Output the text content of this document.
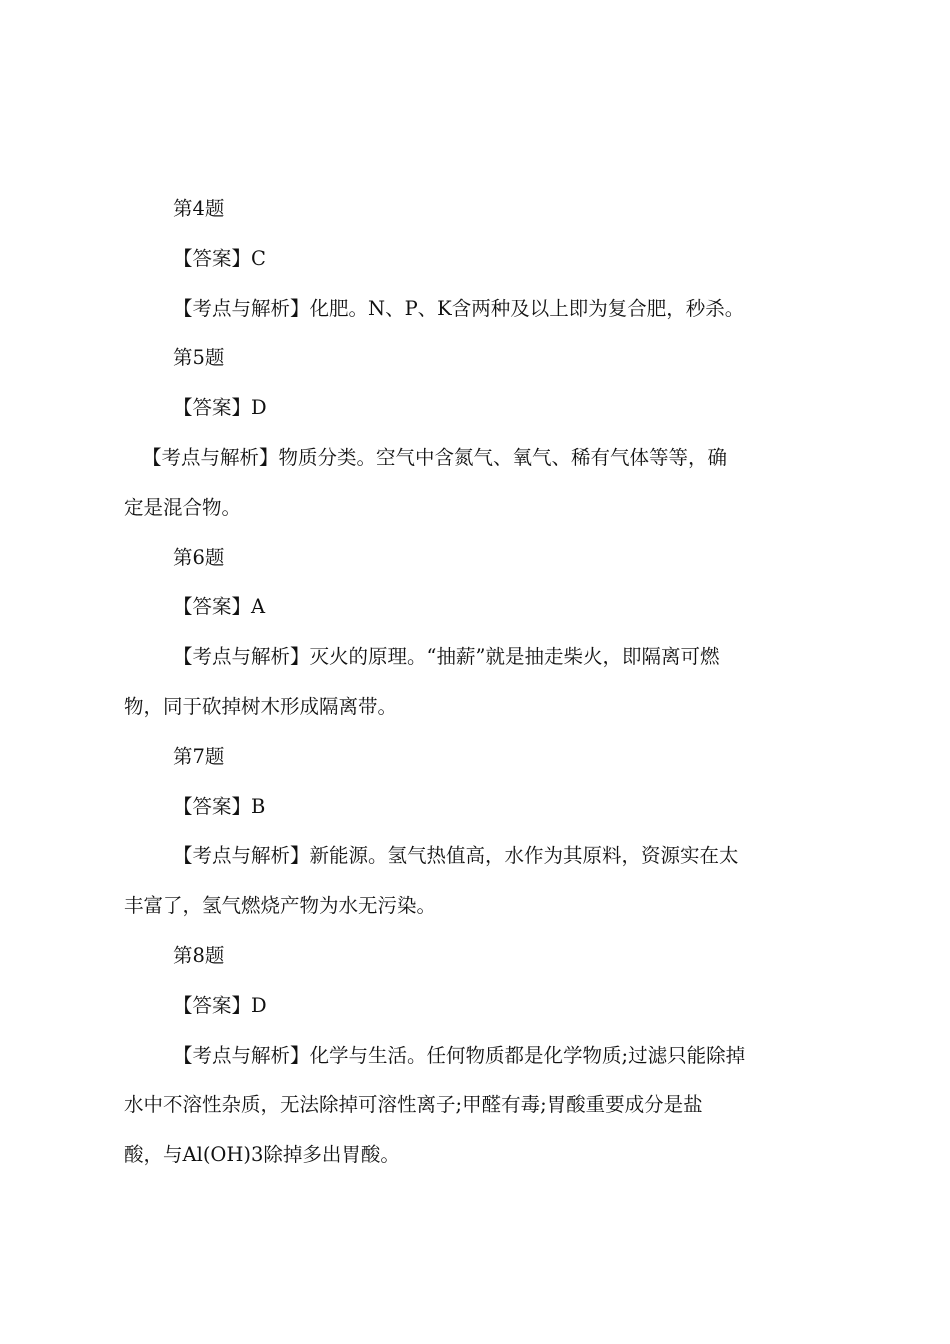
第4题

【答案】C

【考点与解析】化肥。N、P、K含两种及以上即为复合肥，秒杀。

第5题

【答案】D

【考点与解析】物质分类。空气中含氮气、氧气、稀有气体等等，确

定是混合物。

第6题

【答案】A

【考点与解析】灭火的原理。“抽薪”就是抽走柴火，即隔离可燃

物，同于砍掉树木形成隔离带。

第7题

【答案】B

【考点与解析】新能源。氢气热值高，水作为其原料，资源实在太

丰富了，氢气燃烧产物为水无污染。

第8题

【答案】D

【考点与解析】化学与生活。任何物质都是化学物质;过滤只能除掉

水中不溶性杂质，无法除掉可溶性离子;甲醛有毒;胃酸重要成分是盐

酸，与Al(OH)3除掉多出胃酸。
